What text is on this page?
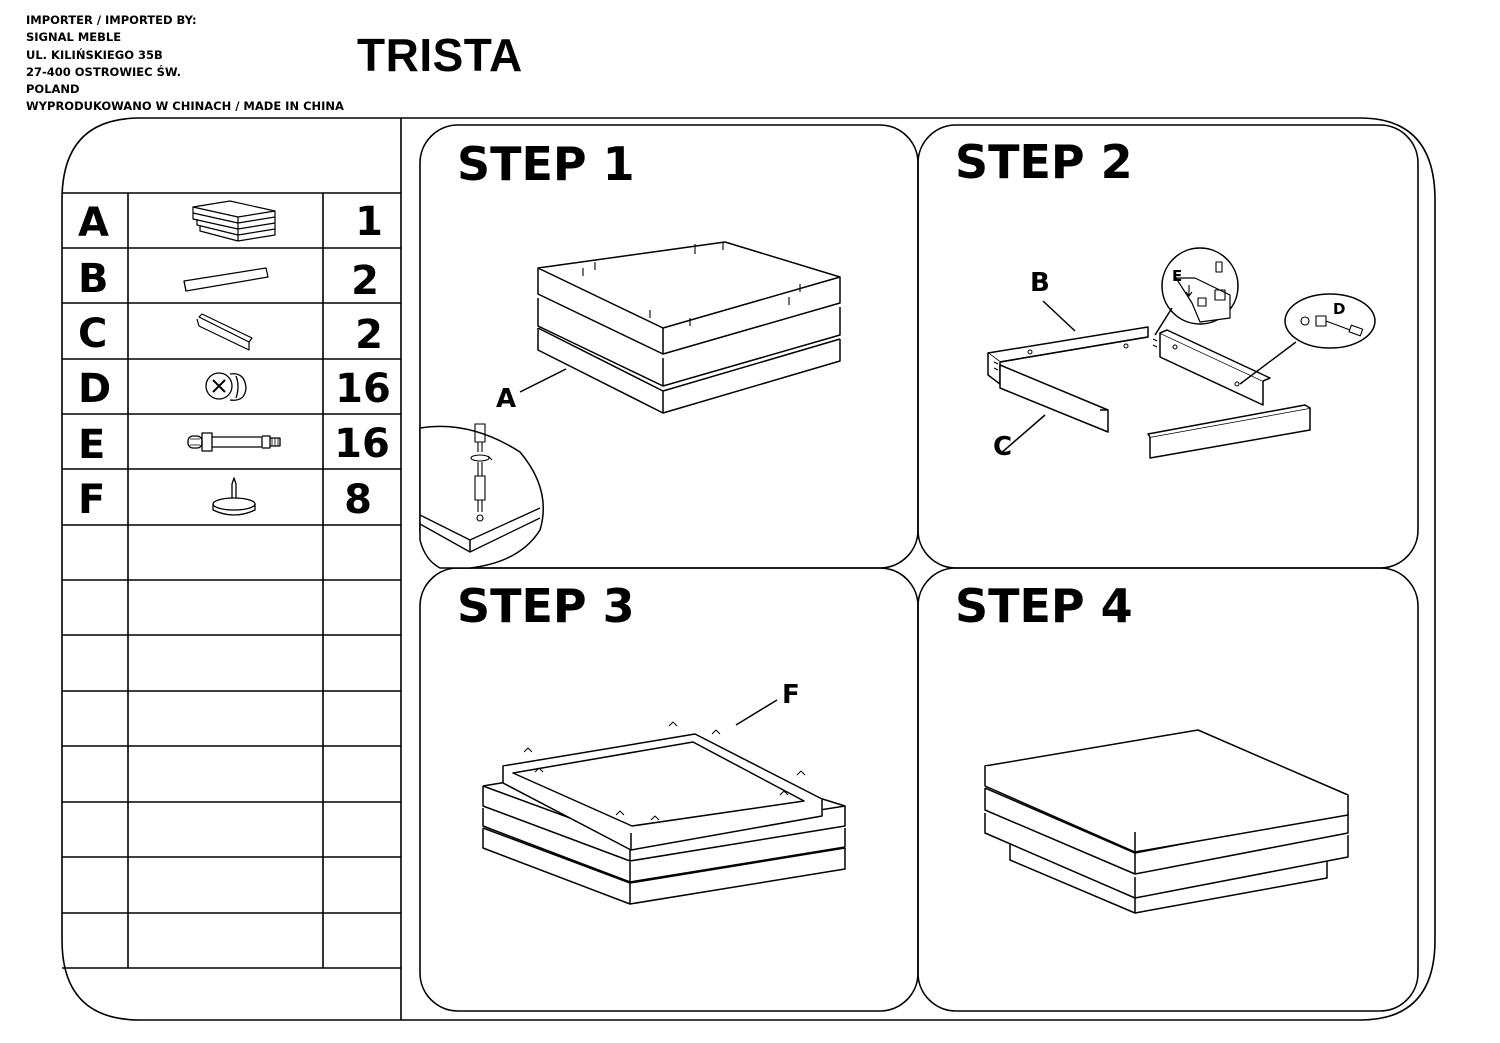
IMPORTER / IMPORTED BY:
SIGNAL MEBLE
UL. KILIŃSKIEGO 35B
27-400 OSTROWIEC ŚW.
POLAND
WYPRODUKOWANO W CHINACH / MADE IN CHINA
TRISTA
A
B
C
D
E
F
1
2
2
16
16
8
STEP 1	STEP 2
STEP 3	STEP 4
A
B
C
E
D
F
